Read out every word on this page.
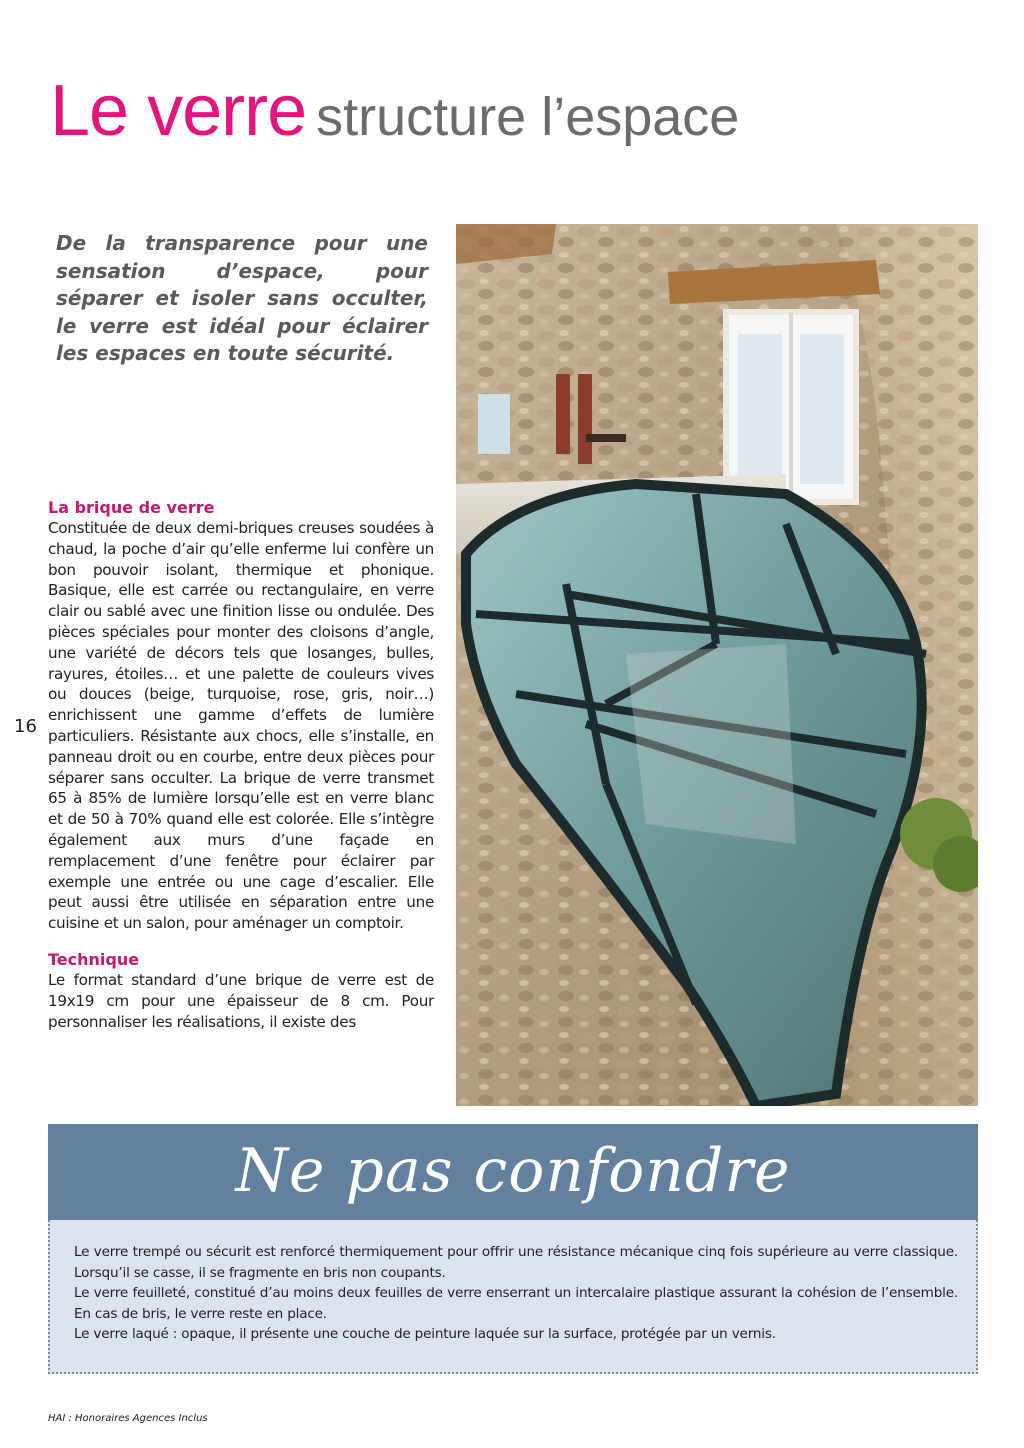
Le verre structure l’espace

De la transparence pour une sensation d’espace, pour séparer et isoler sans occulter, le verre est idéal pour éclairer les espaces en toute sécurité.

16
La brique de verre

Constituée de deux demi-briques creuses soudées à chaud, la poche d’air qu’elle enferme lui confère un bon pouvoir isolant, thermique et phonique. Basique, elle est carrée ou rectangulaire, en verre clair ou sablé avec une finition lisse ou ondulée. Des pièces spéciales pour monter des cloisons d’angle, une variété de décors tels que losanges, bulles, rayures, étoiles… et une palette de couleurs vives ou douces (beige, turquoise, rose, gris, noir…) enrichissent une gamme d’effets de lumière particuliers. Résistante aux chocs, elle s’installe, en panneau droit ou en courbe, entre deux pièces pour séparer sans occulter. La brique de verre transmet 65 à 85% de lumière lorsqu’elle est en verre blanc et de 50 à 70% quand elle est colorée. Elle s’intègre également aux murs d’une façade en remplacement d’une fenêtre pour éclairer par exemple une entrée ou une cage d’escalier. Elle peut aussi être utilisée en séparation entre une cuisine et un salon, pour aménager un comptoir.

Technique

Le format standard d’une brique de verre est de 19x19 cm pour une épaisseur de 8 cm. Pour personnaliser les réalisations, il existe des

Ne pas confondre

Le verre trempé ou sécurit est renforcé thermiquement pour offrir une résistance mécanique cinq fois supérieure au verre classique. Lorsqu’il se casse, il se fragmente en bris non coupants.

Le verre feuilleté, constitué d’au moins deux feuilles de verre enserrant un intercalaire plastique assurant la cohésion de l’ensemble. En cas de bris, le verre reste en place.

Le verre laqué : opaque, il présente une couche de peinture laquée sur la surface, protégée par un vernis.

HAI : Honoraires Agences Inclus
